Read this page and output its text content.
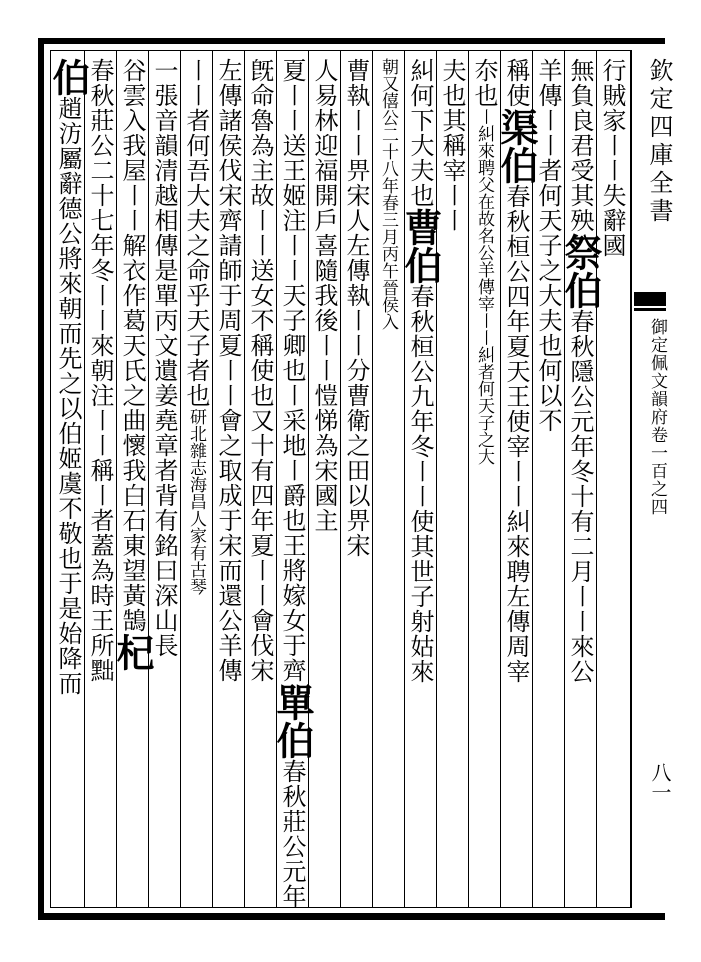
欽定四庫全書
御定佩文韻府卷一百之四
八一
行賊家〡〡失辭國
無負良君受其殃祭伯春秋隱公元年冬十有二月〡〡來公
羊傳〡〡者何天子之大夫也何以不
稱使渠伯春秋桓公四年夏天王使宰〡〡糾來聘左傳周宰
夵也〡糾來聘父在故名公羊傳宰〡〡糾者何天子之大
夫也其稱宰〡〡
糾何下大夫也曹伯春秋桓公九年冬〡〡使其世子射姑來
朝又僖公二十八年春三月丙午晉侯入
曹執〡〡畀宋人左傳執〡〡分曹衛之田以畀宋
人易林迎福開戶喜隨我後〡〡愷悌為宋國主
夏〡〡送王姬注〡〡天子卿也〡采地〡爵也王將嫁女于齊單伯春秋莊公元年
旣命魯為主故〡〡送女不稱使也又十有四年夏〡〡會伐宋
左傳諸侯伐宋齊請師于周夏〡〡會之取成于宋而還公羊傳
〡〡者何吾大夫之命乎天子者也研北雜志海昌人家有古琴
一張音韻清越相傳是單丙文遺姜堯章者背有銘曰深山長
谷雲入我屋〡〡解衣作葛天氏之曲懷我白石東望黃鵠杞
春秋莊公二十七年冬〡〡來朝注〡〡稱〡者蓋為時王所黜
伯趙汸屬辭德公將來朝而先之以伯姬虞不敬也于是始降而
